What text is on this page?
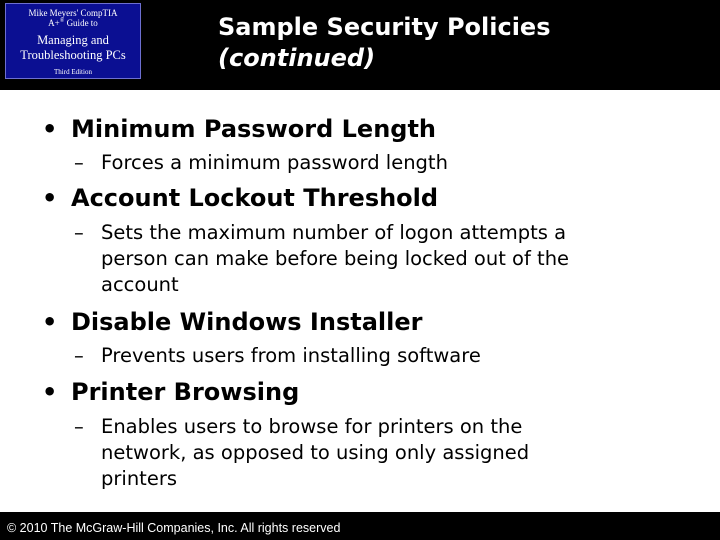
Mike Meyers' CompTIA
A+® Guide to
Managing and
Troubleshooting PCs
Third Edition
Sample Security Policies
(continued)
• Minimum Password Length
– Forces a minimum password length
• Account Lockout Threshold
– Sets the maximum number of logon attempts a
person can make before being locked out of the
account
• Disable Windows Installer
– Prevents users from installing software
• Printer Browsing
– Enables users to browse for printers on the
network, as opposed to using only assigned
printers
© 2010 The McGraw-Hill Companies, Inc. All rights reserved
